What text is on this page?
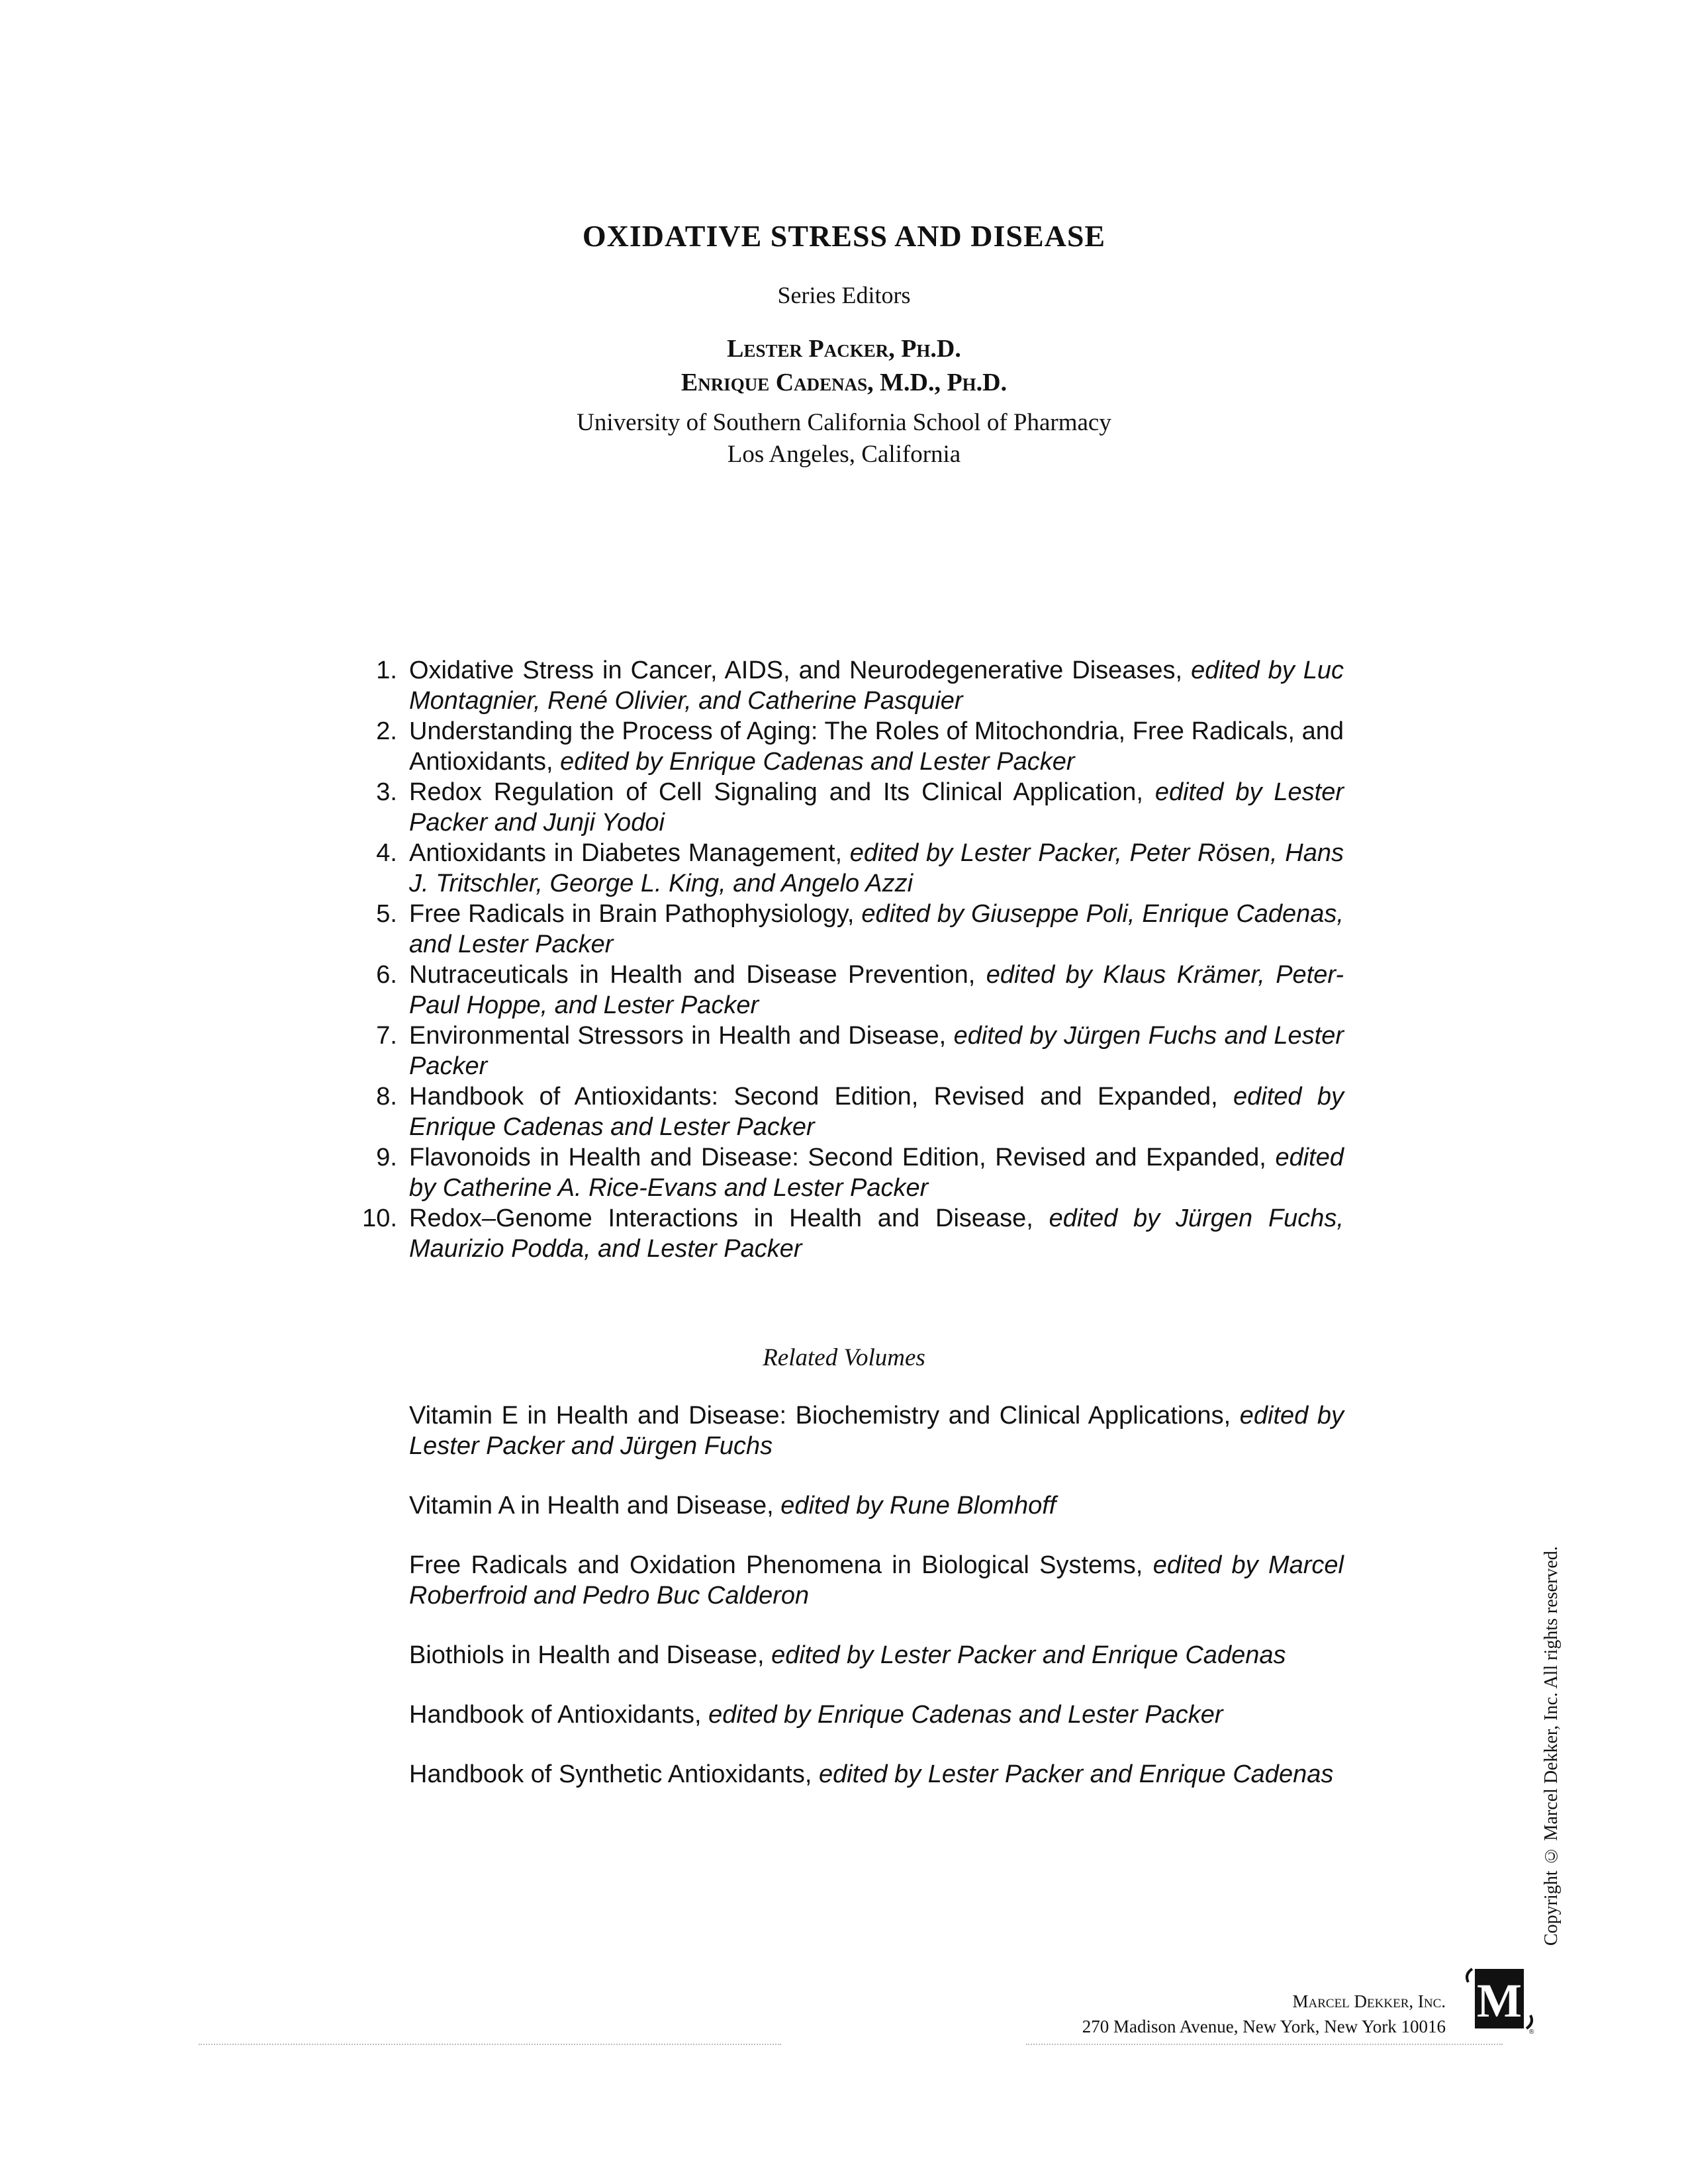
OXIDATIVE STRESS AND DISEASE
Series Editors
Lester Packer, Ph.D.
Enrique Cadenas, M.D., Ph.D.
University of Southern California School of Pharmacy
Los Angeles, California
1. Oxidative Stress in Cancer, AIDS, and Neurodegenerative Diseases, edited by Luc Montagnier, René Olivier, and Catherine Pasquier
2. Understanding the Process of Aging: The Roles of Mitochondria, Free Radicals, and Antioxidants, edited by Enrique Cadenas and Lester Packer
3. Redox Regulation of Cell Signaling and Its Clinical Application, edited by Lester Packer and Junji Yodoi
4. Antioxidants in Diabetes Management, edited by Lester Packer, Peter Rösen, Hans J. Tritschler, George L. King, and Angelo Azzi
5. Free Radicals in Brain Pathophysiology, edited by Giuseppe Poli, Enrique Cadenas, and Lester Packer
6. Nutraceuticals in Health and Disease Prevention, edited by Klaus Krämer, Peter-Paul Hoppe, and Lester Packer
7. Environmental Stressors in Health and Disease, edited by Jürgen Fuchs and Lester Packer
8. Handbook of Antioxidants: Second Edition, Revised and Expanded, edited by Enrique Cadenas and Lester Packer
9. Flavonoids in Health and Disease: Second Edition, Revised and Expanded, edited by Catherine A. Rice-Evans and Lester Packer
10. Redox–Genome Interactions in Health and Disease, edited by Jürgen Fuchs, Maurizio Podda, and Lester Packer
Related Volumes
Vitamin E in Health and Disease: Biochemistry and Clinical Applications, edited by Lester Packer and Jürgen Fuchs
Vitamin A in Health and Disease, edited by Rune Blomhoff
Free Radicals and Oxidation Phenomena in Biological Systems, edited by Marcel Roberfroid and Pedro Buc Calderon
Biothiols in Health and Disease, edited by Lester Packer and Enrique Cadenas
Handbook of Antioxidants, edited by Enrique Cadenas and Lester Packer
Handbook of Synthetic Antioxidants, edited by Lester Packer and Enrique Cadenas	Copyright © Marcel Dekker, Inc. All rights reserved.
Marcel Dekker, Inc.
270 Madison Avenue, New York, New York 10016 M
®
